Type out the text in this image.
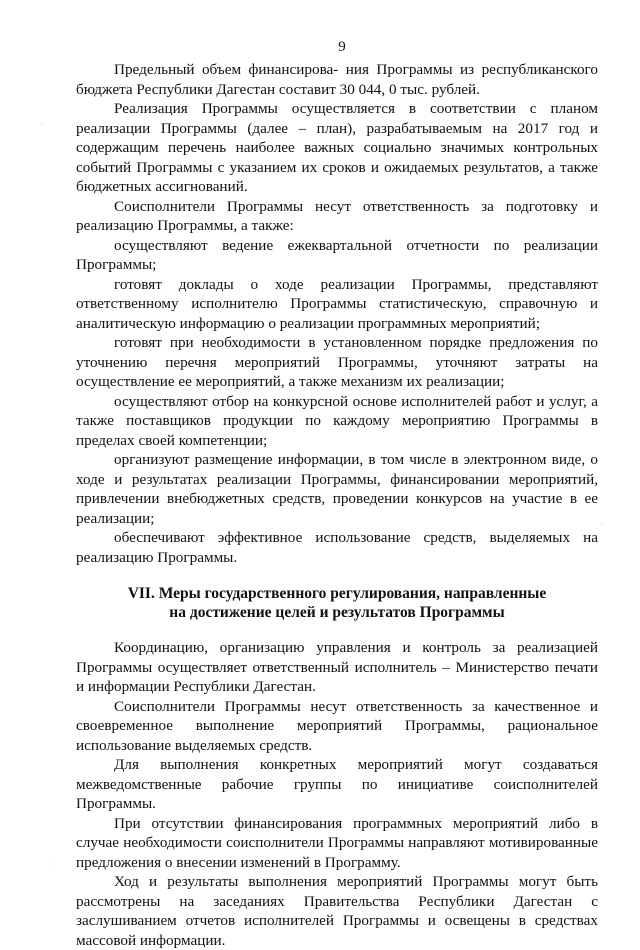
9

Предельный объем финансирова- ния Программы из республиканского бюджета Республики Дагестан составит 30 044, 0 тыс. рублей.

Реализация Программы осуществляется в соответствии с планом реализации Программы (далее – план), разрабатываемым на 2017 год и содержащим перечень наиболее важных социально значимых контрольных событий Программы с указанием их сроков и ожидаемых результатов, а также бюджетных ассигнований.

Соисполнители Программы несут ответственность за подготовку и реализацию Программы, а также:

осуществляют ведение ежеквартальной отчетности по реализации Программы;

готовят доклады о ходе реализации Программы, представляют ответственному исполнителю Программы статистическую, справочную и аналитическую информацию о реализации программных мероприятий;

готовят при необходимости в установленном порядке предложения по уточнению перечня мероприятий Программы, уточняют затраты на осуществление ее мероприятий, а также механизм их реализации;

осуществляют отбор на конкурсной основе исполнителей работ и услуг, а также поставщиков продукции по каждому мероприятию Программы в пределах своей компетенции;

организуют размещение информации, в том числе в электронном виде, о ходе и результатах реализации Программы, финансировании мероприятий, привлечении внебюджетных средств, проведении конкурсов на участие в ее реализации;

обеспечивают эффективное использование средств, выделяемых на реализацию Программы.

VII. Меры государственного регулирования, направленные
на достижение целей и результатов Программы

Координацию, организацию управления и контроль за реализацией Программы осуществляет ответственный исполнитель – Министерство печати и информации Республики Дагестан.

Соисполнители Программы несут ответственность за качественное и своевременное выполнение мероприятий Программы, рациональное использование выделяемых средств.

Для выполнения конкретных мероприятий могут создаваться межведомственные рабочие группы по инициативе соисполнителей Программы.

При отсутствии финансирования программных мероприятий либо в случае необходимости соисполнители Программы направляют мотивированные предложения о внесении изменений в Программу.

Ход и результаты выполнения мероприятий Программы могут быть рассмотрены на заседаниях Правительства Республики Дагестан с заслушиванием отчетов исполнителей Программы и освещены в средствах массовой информации.

·
·
·
